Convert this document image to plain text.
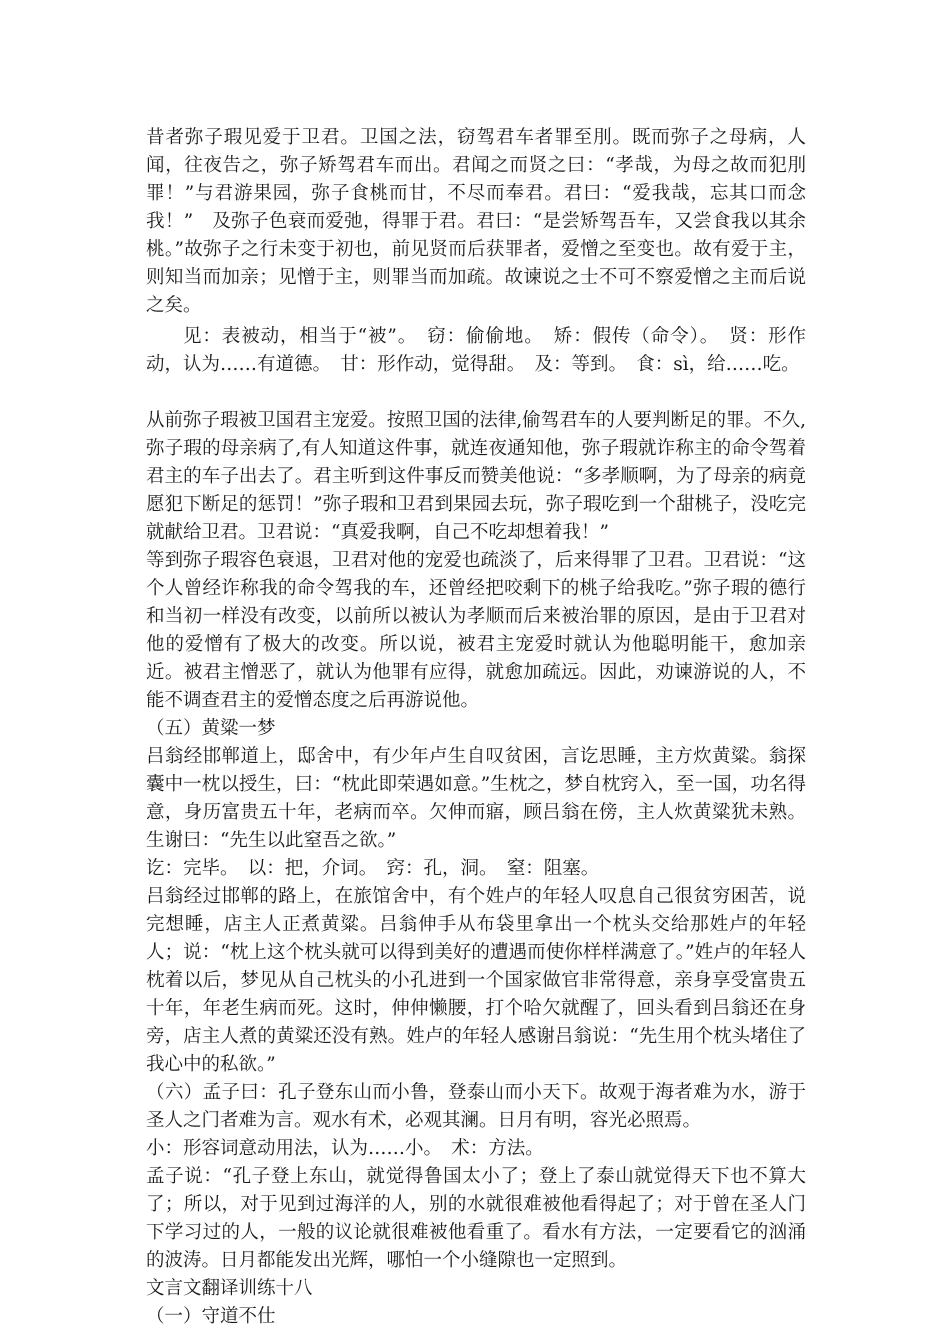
昔者弥子瑕见爱于卫君。卫国之法，窃驾君车者罪至刖。既而弥子之母病，人闻，往夜告之，弥子矫驾君车而出。君闻之而贤之曰：“孝哉，为母之故而犯刖罪！”与君游果园，弥子食桃而甘，不尽而奉君。君曰：“爱我哉，忘其口而念我！”　及弥子色衰而爱弛，得罪于君。君曰：“是尝矫驾吾车，又尝食我以其余桃。”故弥子之行未变于初也，前见贤而后获罪者，爱憎之至变也。故有爱于主，则知当而加亲；见憎于主，则罪当而加疏。故谏说之士不可不察爱憎之主而后说之矣。

见：表被动，相当于“被”。　窃：偷偷地。　矫：假传（命令）。　贤：形作动，认为……有道德。　甘：形作动，觉得甜。　及：等到。　食：sì，给……吃。

从前弥子瑕被卫国君主宠爱。按照卫国的法律,偷驾君车的人要判断足的罪。不久,弥子瑕的母亲病了,有人知道这件事，就连夜通知他，弥子瑕就诈称主的命令驾着君主的车子出去了。君主听到这件事反而赞美他说：“多孝顺啊，为了母亲的病竟愿犯下断足的惩罚！”弥子瑕和卫君到果园去玩，弥子瑕吃到一个甜桃子，没吃完就献给卫君。卫君说：“真爱我啊，自己不吃却想着我！”

等到弥子瑕容色衰退，卫君对他的宠爱也疏淡了，后来得罪了卫君。卫君说：“这个人曾经诈称我的命令驾我的车，还曾经把咬剩下的桃子给我吃。”弥子瑕的德行和当初一样没有改变，以前所以被认为孝顺而后来被治罪的原因，是由于卫君对他的爱憎有了极大的改变。所以说，被君主宠爱时就认为他聪明能干，愈加亲近。被君主憎恶了，就认为他罪有应得，就愈加疏远。因此，劝谏游说的人，不能不调查君主的爱憎态度之后再游说他。

（五）黄粱一梦

吕翁经邯郸道上，邸舍中，有少年卢生自叹贫困，言讫思睡，主方炊黄粱。翁探囊中一枕以授生，曰：“枕此即荣遇如意。”生枕之，梦自枕窍入，至一国，功名得意，身历富贵五十年，老病而卒。欠伸而寤，顾吕翁在傍，主人炊黄粱犹未熟。生谢曰：“先生以此窒吾之欲。”

讫：完毕。　以：把，介词。　窍：孔，洞。　窒：阻塞。

吕翁经过邯郸的路上，在旅馆舍中，有个姓卢的年轻人叹息自己很贫穷困苦，说完想睡，店主人正煮黄粱。吕翁伸手从布袋里拿出一个枕头交给那姓卢的年轻人；说：“枕上这个枕头就可以得到美好的遭遇而使你样样满意了。”姓卢的年轻人枕着以后，梦见从自己枕头的小孔进到一个国家做官非常得意，亲身享受富贵五十年，年老生病而死。这时，伸伸懒腰，打个哈欠就醒了，回头看到吕翁还在身旁，店主人煮的黄粱还没有熟。姓卢的年轻人感谢吕翁说：“先生用个枕头堵住了我心中的私欲。”

（六）孟子曰：孔子登东山而小鲁，登泰山而小天下。故观于海者难为水，游于圣人之门者难为言。观水有术，必观其澜。日月有明，容光必照焉。

小：形容词意动用法，认为……小。　术：方法。

孟子说：“孔子登上东山，就觉得鲁国太小了；登上了泰山就觉得天下也不算大了；所以，对于见到过海洋的人，别的水就很难被他看得起了；对于曾在圣人门下学习过的人，一般的议论就很难被他看重了。看水有方法，一定要看它的汹涌的波涛。日月都能发出光辉，哪怕一个小缝隙也一定照到。

文言文翻译训练十八

（一）守道不仕
